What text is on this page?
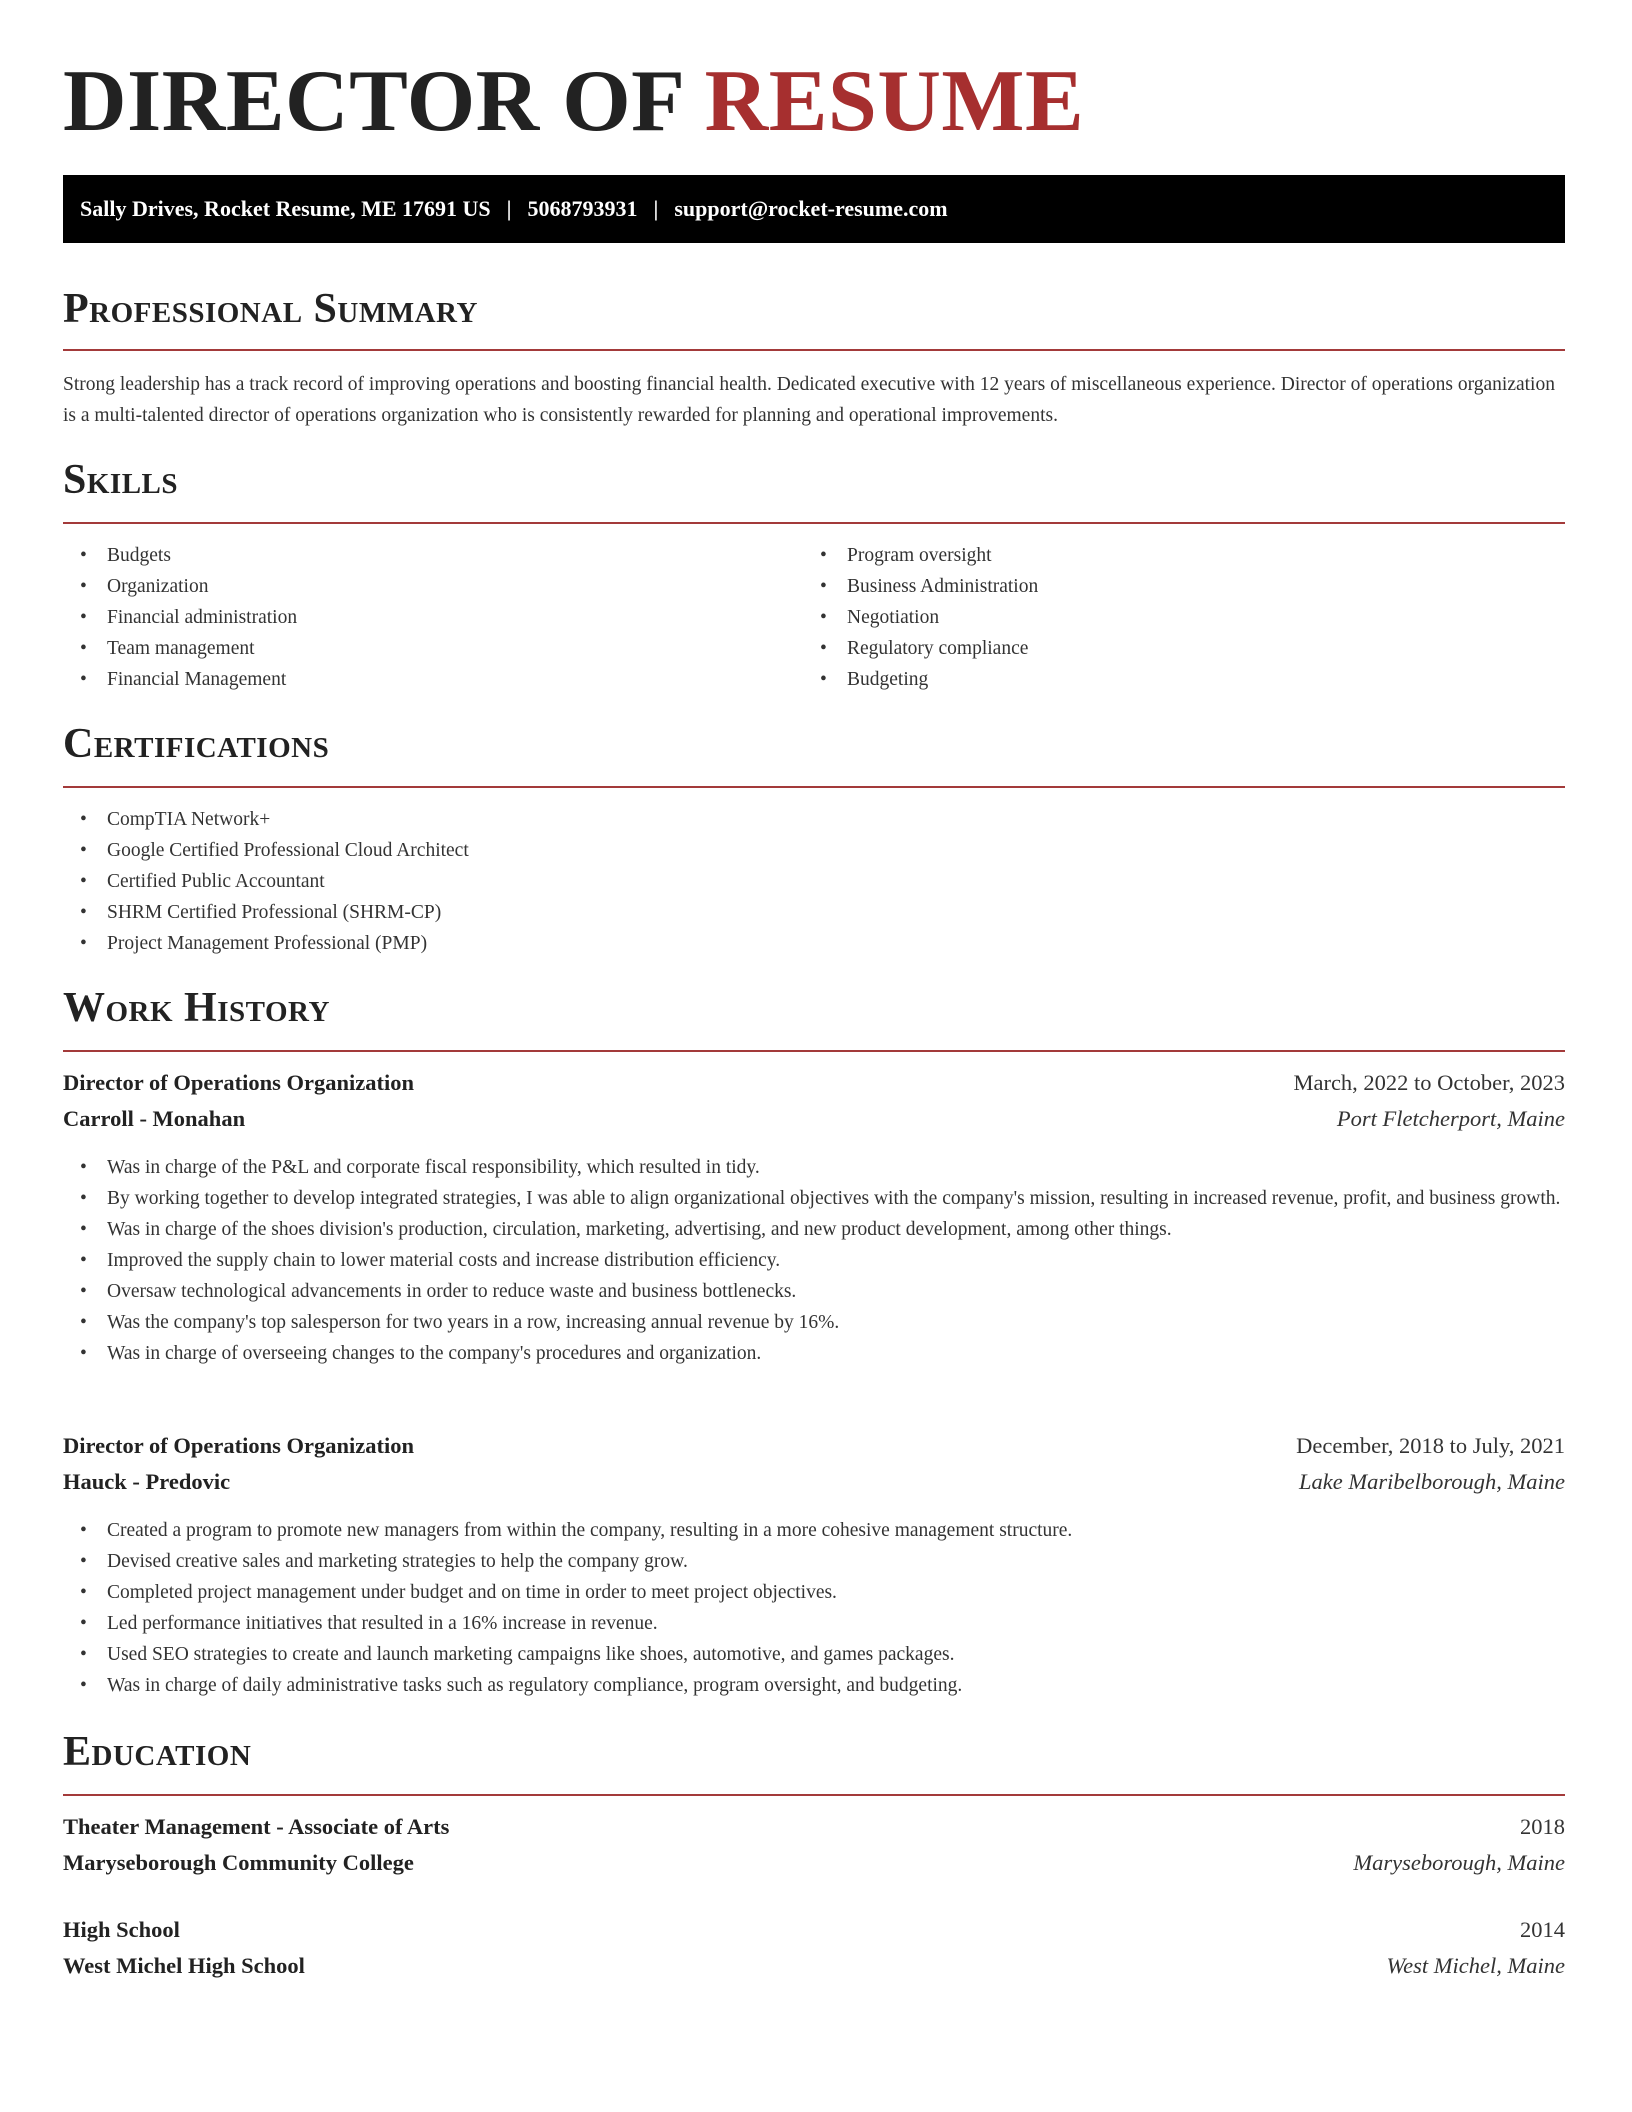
DIRECTOR OF RESUME
Sally Drives, Rocket Resume, ME 17691 US | 5068793931 | support@rocket-resume.com
Professional Summary

Strong leadership has a track record of improving operations and boosting financial health. Dedicated executive with 12 years of miscellaneous experience. Director of operations organization is a multi-talented director of operations organization who is consistently rewarded for planning and operational improvements.

Skills
• Budgets
• Organization
• Financial administration
• Team management
• Financial Management
• Program oversight
• Business Administration
• Negotiation
• Regulatory compliance
• Budgeting
Certifications
• CompTIA Network+
• Google Certified Professional Cloud Architect
• Certified Public Accountant
• SHRM Certified Professional (SHRM-CP)
• Project Management Professional (PMP)
Work History
Director of Operations Organization	March, 2022 to October, 2023
Carroll - Monahan	Port Fletcherport, Maine
• Was in charge of the P&L and corporate fiscal responsibility, which resulted in tidy.
• By working together to develop integrated strategies, I was able to align organizational objectives with the company's mission, resulting in increased revenue, profit, and business growth.
• Was in charge of the shoes division's production, circulation, marketing, advertising, and new product development, among other things.
• Improved the supply chain to lower material costs and increase distribution efficiency.
• Oversaw technological advancements in order to reduce waste and business bottlenecks.
• Was the company's top salesperson for two years in a row, increasing annual revenue by 16%.
• Was in charge of overseeing changes to the company's procedures and organization.
Director of Operations Organization	December, 2018 to July, 2021
Hauck - Predovic	Lake Maribelborough, Maine
• Created a program to promote new managers from within the company, resulting in a more cohesive management structure.
• Devised creative sales and marketing strategies to help the company grow.
• Completed project management under budget and on time in order to meet project objectives.
• Led performance initiatives that resulted in a 16% increase in revenue.
• Used SEO strategies to create and launch marketing campaigns like shoes, automotive, and games packages.
• Was in charge of daily administrative tasks such as regulatory compliance, program oversight, and budgeting.
Education
Theater Management - Associate of Arts	2018
Maryseborough Community College	Maryseborough, Maine
High School	2014
West Michel High School	West Michel, Maine
